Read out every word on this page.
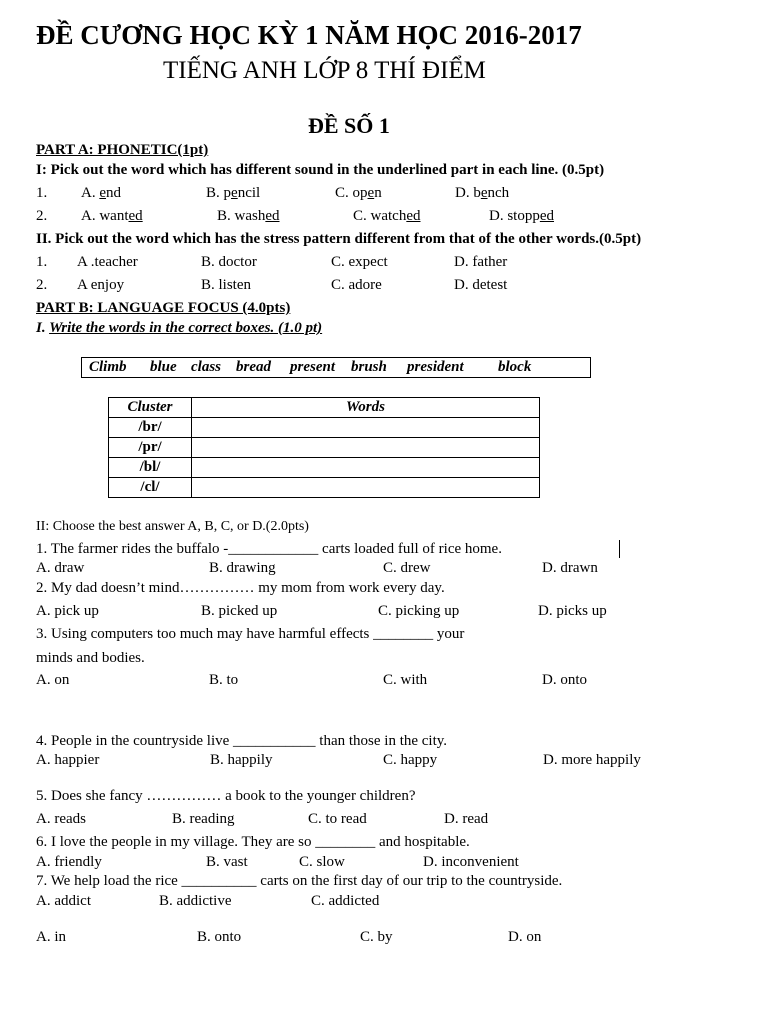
ĐỀ CƯƠNG HỌC KỲ 1 NĂM HỌC 2016-2017
TIẾNG ANH LỚP 8 THÍ ĐIỂM
ĐỀ SỐ 1
PART A: PHONETIC(1pt)
I: Pick out the word which has different sound in the underlined part in each line. (0.5pt)
1. A. end	B. pencil	C. open	D. bench
2. A. wanted	B. washed	C. watched	D. stopped
II. Pick out the word which has the stress pattern different from that of the other words.(0.5pt)
1. A .teacher	B. doctor	C. expect	D. father
2. A enjoy	B. listen	C. adore	D. detest
PART B: LANGUAGE FOCUS (4.0pts)
I. Write the words in the correct boxes. (1.0 pt)
Climb blue class bread present brush president block
Cluster	Words
/br/	
/pr/	
/bl/	
/cl/	
II: Choose the best answer A, B, C, or D.(2.0pts)
1. The farmer rides the buffalo -____________ carts loaded full of rice home.
A. draw	B. drawing	C. drew	D. drawn
2. My dad doesn’t mind…………… my mom from work every day.
A. pick up	B. picked up	C. picking up	D. picks up
3. Using computers too much may have harmful effects ________ your
minds and bodies.
A. on	B. to	C. with	D. onto
4. People in the countryside live ___________ than those in the city.
A. happier	B. happily	C. happy	D. more happily
5. Does she fancy …………… a book to the younger children?
A. reads	B. reading	C. to read	D. read
6. I love the people in my village. They are so ________ and hospitable.
A. friendly	B. vast	C. slow	D. inconvenient
7. We help load the rice __________ carts on the first day of our trip to the countryside.
A. addict	B. addictive	C. addicted
A. in	B. onto	C. by	D. on
